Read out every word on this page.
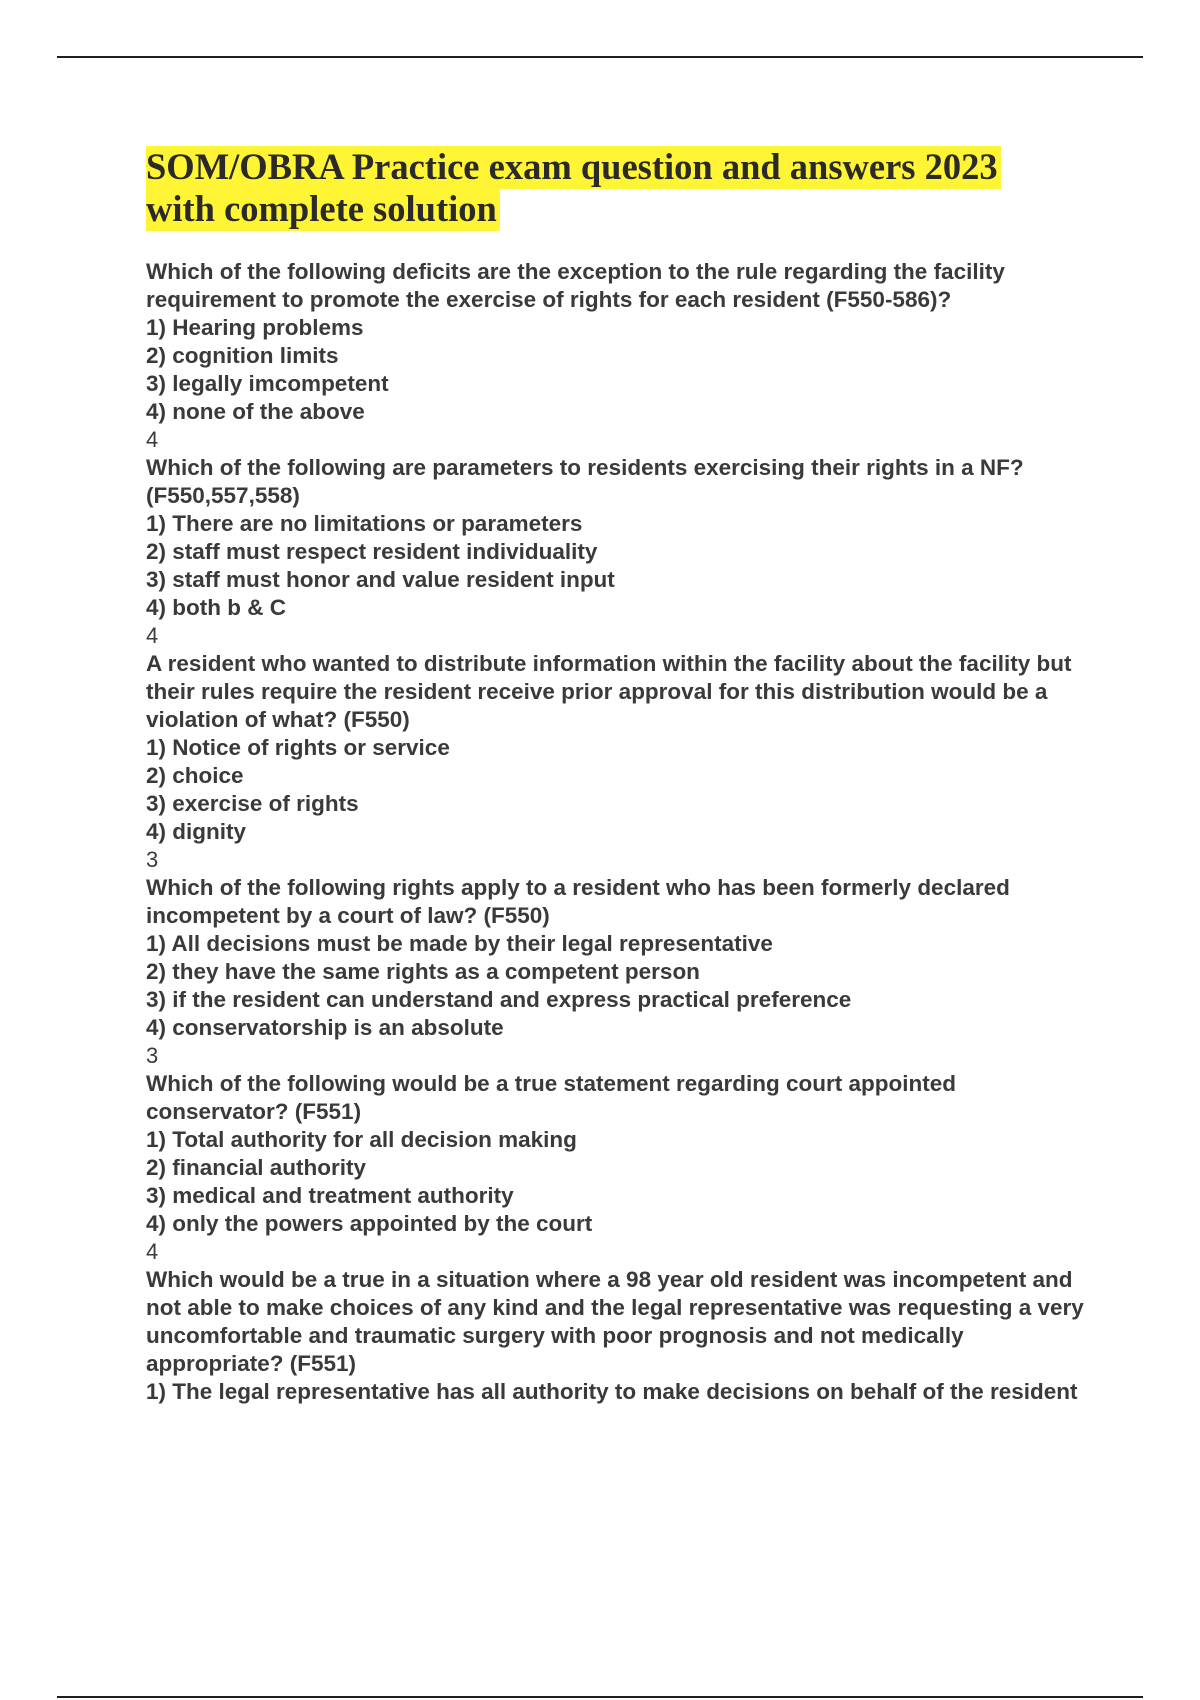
SOM/OBRA Practice exam question and answers 2023
with complete solution
Which of the following deficits are the exception to the rule regarding the facility requirement to promote the exercise of rights for each resident (F550-586)?
1) Hearing problems
2) cognition limits
3) legally imcompetent
4) none of the above
4
Which of the following are parameters to residents exercising their rights in a NF? (F550,557,558)
1) There are no limitations or parameters
2) staff must respect resident individuality
3) staff must honor and value resident input
4) both b & C
4
A resident who wanted to distribute information within the facility about the facility but their rules require the resident receive prior approval for this distribution would be a violation of what? (F550)
1) Notice of rights or service
2) choice
3) exercise of rights
4) dignity
3
Which of the following rights apply to a resident who has been formerly declared incompetent by a court of law? (F550)
1) All decisions must be made by their legal representative
2) they have the same rights as a competent person
3) if the resident can understand and express practical preference
4) conservatorship is an absolute
3
Which of the following would be a true statement regarding court appointed conservator? (F551)
1) Total authority for all decision making
2) financial authority
3) medical and treatment authority
4) only the powers appointed by the court
4
Which would be a true in a situation where a 98 year old resident was incompetent and not able to make choices of any kind and the legal representative was requesting a very uncomfortable and traumatic surgery with poor prognosis and not medically appropriate? (F551)
1) The legal representative has all authority to make decisions on behalf of the resident
